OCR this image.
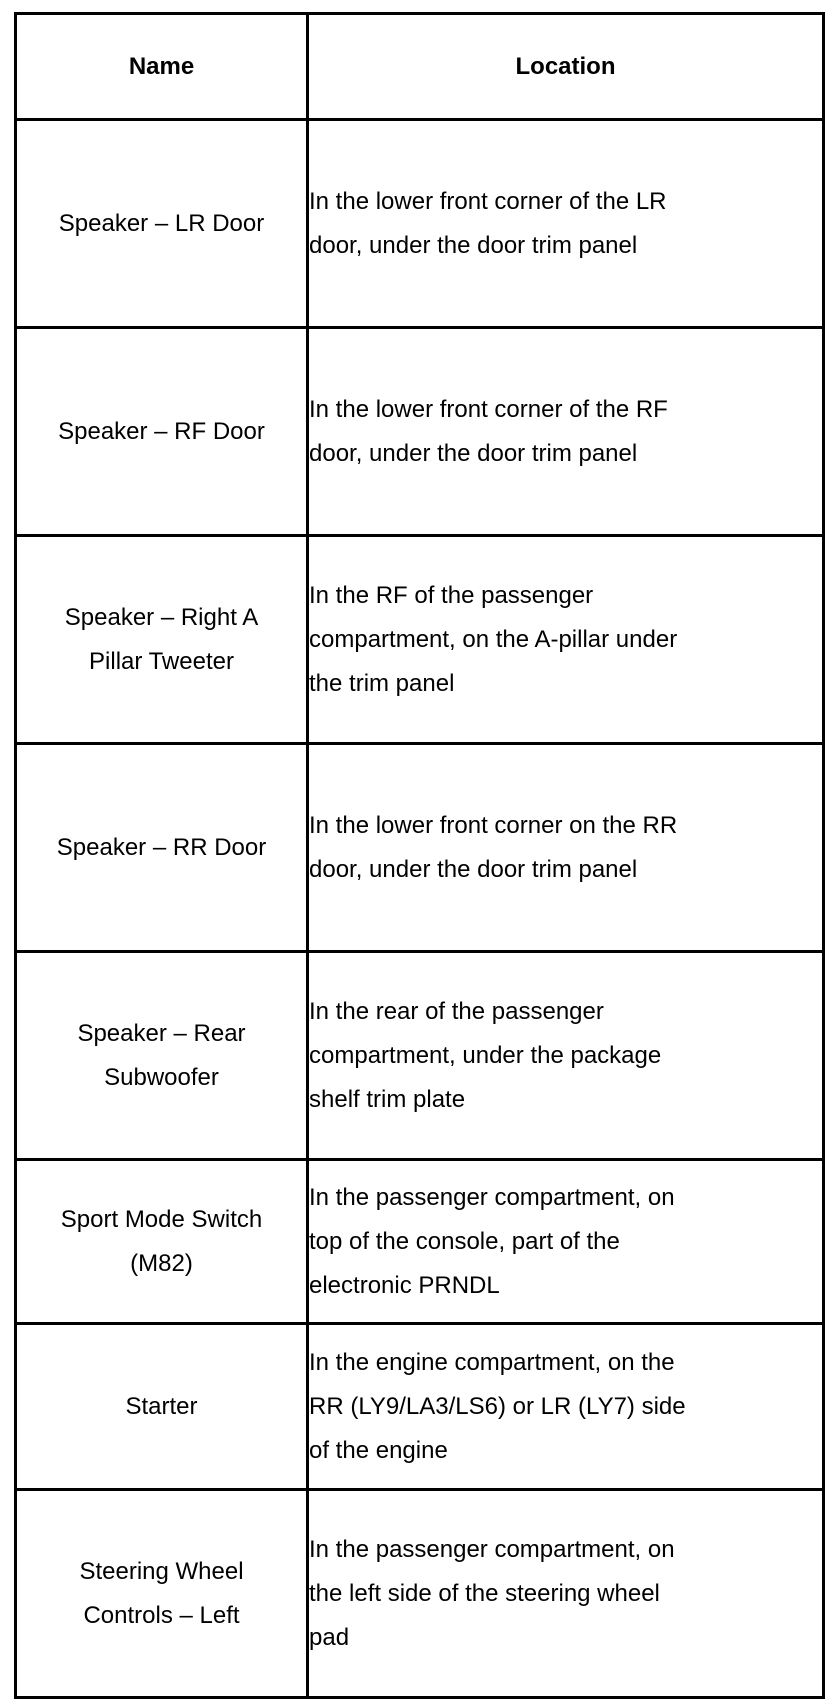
Name	Location

Speaker – LR Door	In the lower front corner of the LR
door, under the door trim panel

Speaker – RF Door	In the lower front corner of the RF
door, under the door trim panel

Speaker – Right A
Pillar Tweeter	In the RF of the passenger
compartment, on the A-pillar under
the trim panel

Speaker – RR Door	In the lower front corner on the RR
door, under the door trim panel

Speaker – Rear
Subwoofer	In the rear of the passenger
compartment, under the package
shelf trim plate

Sport Mode Switch
(M82)	In the passenger compartment, on
top of the console, part of the
electronic PRNDL

Starter	In the engine compartment, on the
RR (LY9/LA3/LS6) or LR (LY7) side
of the engine

Steering Wheel
Controls – Left	In the passenger compartment, on
the left side of the steering wheel
pad
